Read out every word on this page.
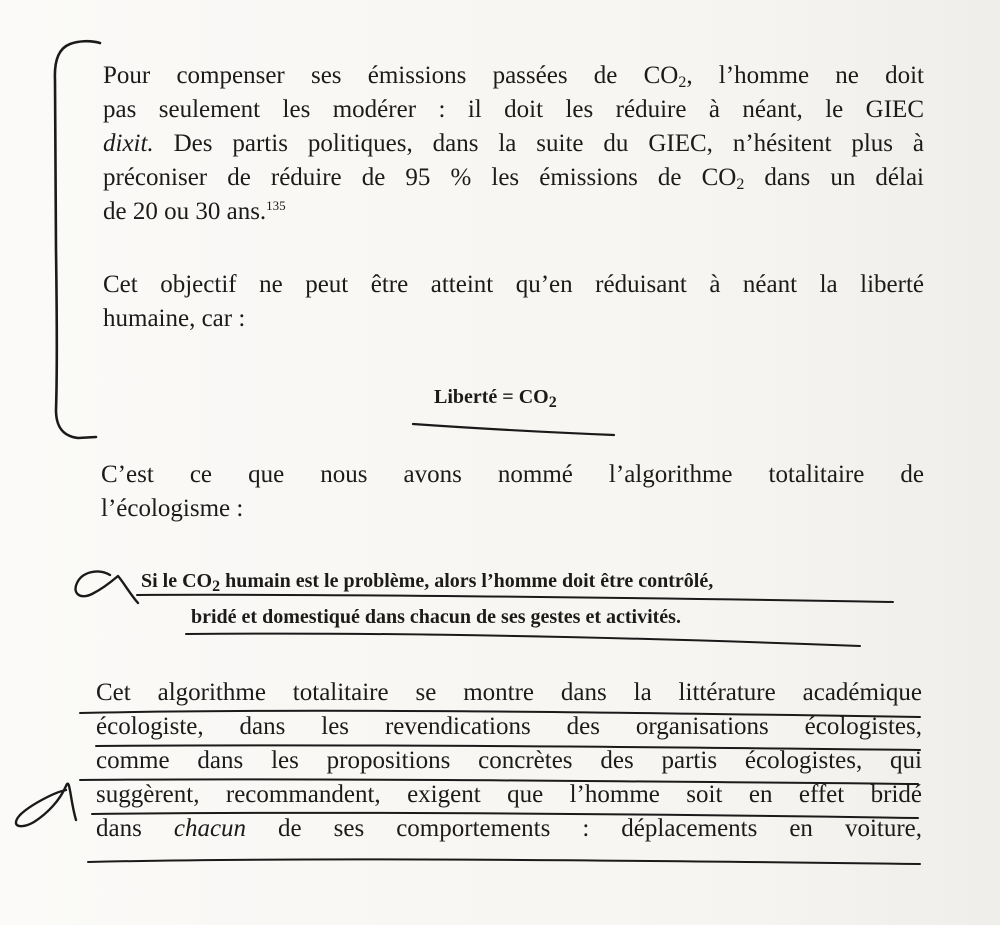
Pour compenser ses émissions passées de $CO_2$, l’homme ne doit
pas seulement les modérer : il doit les réduire à néant, le GIEC
dixit. Des partis politiques, dans la suite du GIEC, n’hésitent plus à
préconiser de réduire de 95 % les émissions de $CO_2$ dans un délai
de 20 ou 30 ans.$^{135}$
Cet objectif ne peut être atteint qu’en réduisant à néant la liberté
humaine, car :
Liberté = $CO_2$
C’est ce que nous avons nommé l’algorithme totalitaire de
l’écologisme :
Si le $CO_2$ humain est le problème, alors l’homme doit être contrôlé,
bridé et domestiqué dans chacun de ses gestes et activités.
Cet algorithme totalitaire se montre dans la littérature académique
écologiste, dans les revendications des organisations écologistes,
comme dans les propositions concrètes des partis écologistes, qui
suggèrent, recommandent, exigent que l’homme soit en effet bridé
dans chacun de ses comportements : déplacements en voiture,
